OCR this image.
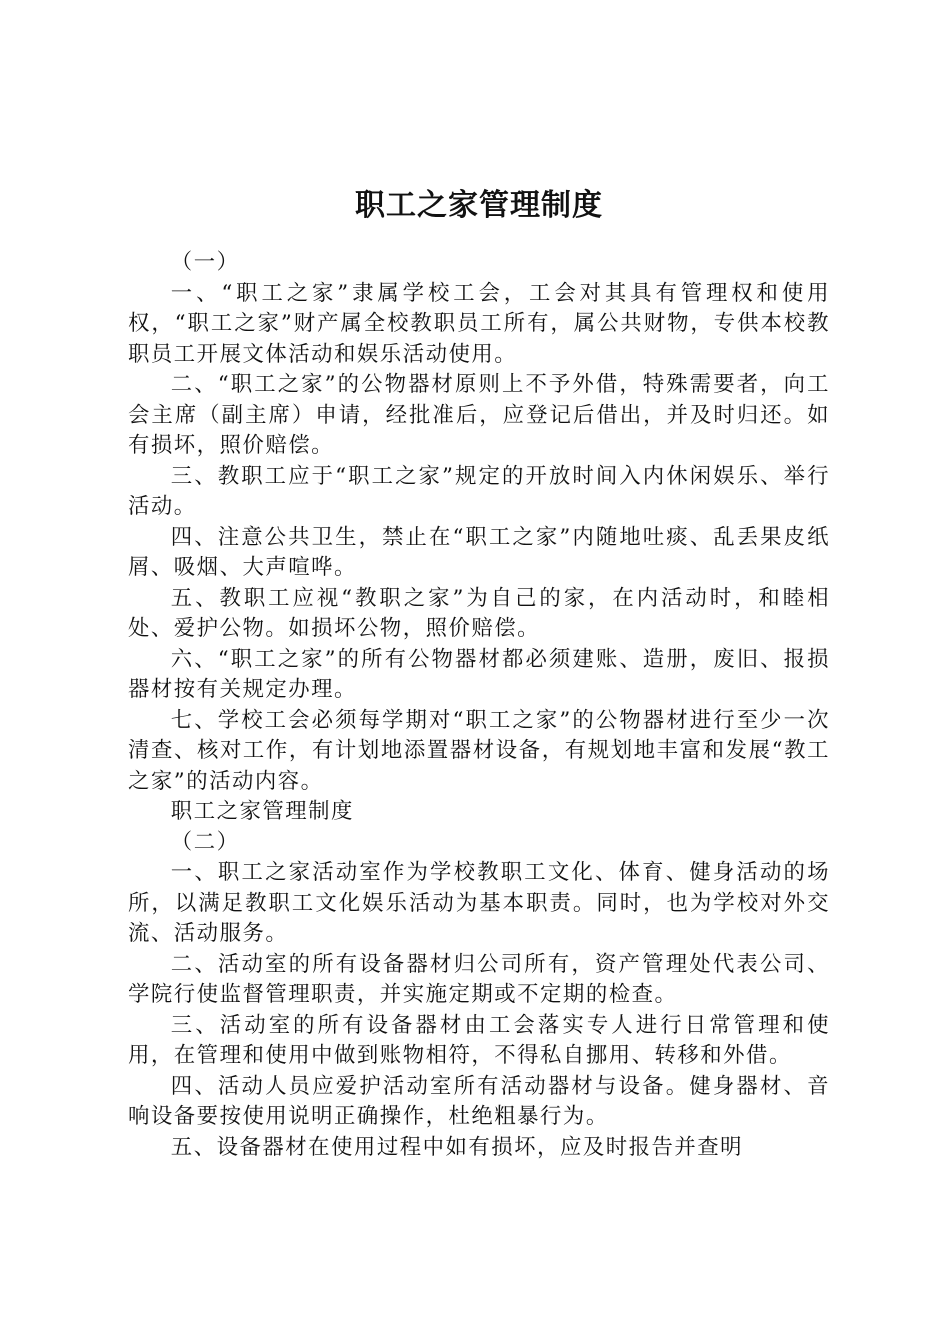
职工之家管理制度

（一）

一、“职工之家”隶属学校工会，工会对其具有管理权和使用权，“职工之家”财产属全校教职员工所有，属公共财物，专供本校教职员工开展文体活动和娱乐活动使用。

二、“职工之家”的公物器材原则上不予外借，特殊需要者，向工会主席（副主席）申请，经批准后，应登记后借出，并及时归还。如有损坏，照价赔偿。

三、教职工应于“职工之家”规定的开放时间入内休闲娱乐、举行活动。

四、注意公共卫生，禁止在“职工之家”内随地吐痰、乱丢果皮纸屑、吸烟、大声喧哗。

五、教职工应视“教职之家”为自己的家，在内活动时，和睦相处、爱护公物。如损坏公物，照价赔偿。

六、“职工之家”的所有公物器材都必须建账、造册，废旧、报损器材按有关规定办理。

七、学校工会必须每学期对“职工之家”的公物器材进行至少一次清查、核对工作，有计划地添置器材设备，有规划地丰富和发展“教工之家”的活动内容。

职工之家管理制度

（二）

一、职工之家活动室作为学校教职工文化、体育、健身活动的场所，以满足教职工文化娱乐活动为基本职责。同时，也为学校对外交流、活动服务。

二、活动室的所有设备器材归公司所有，资产管理处代表公司、学院行使监督管理职责，并实施定期或不定期的检查。

三、活动室的所有设备器材由工会落实专人进行日常管理和使用，在管理和使用中做到账物相符，不得私自挪用、转移和外借。

四、活动人员应爱护活动室所有活动器材与设备。健身器材、音响设备要按使用说明正确操作，杜绝粗暴行为。

五、设备器材在使用过程中如有损坏，应及时报告并查明
